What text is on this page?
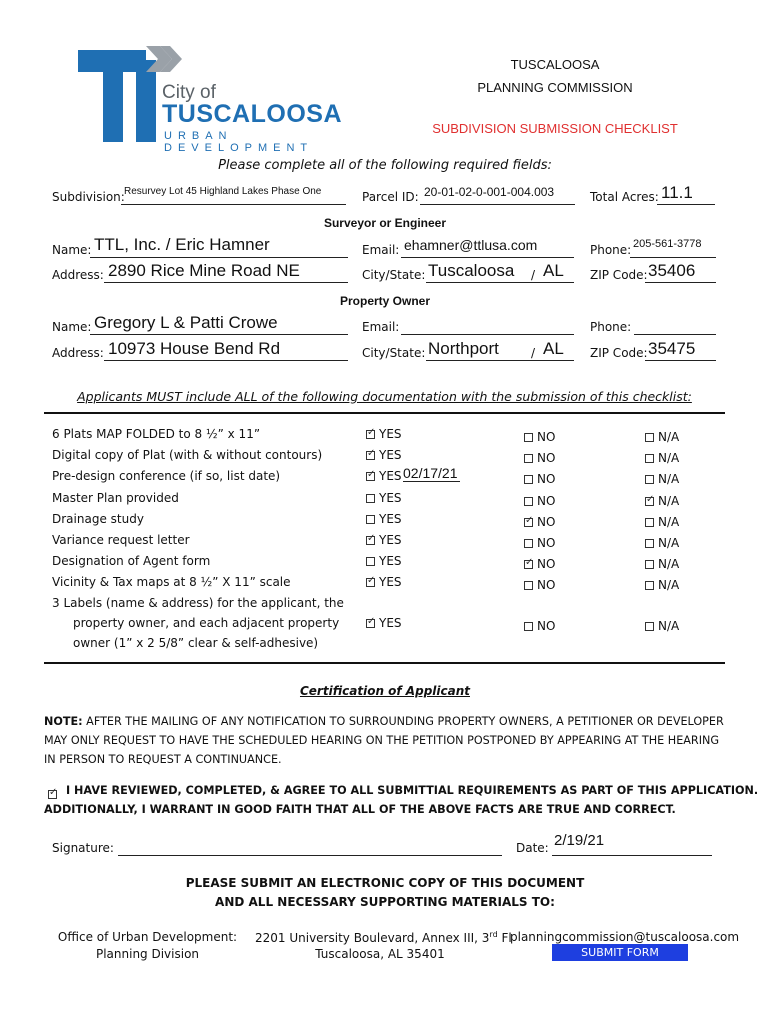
City of
TUSCALOOSA
URBAN DEVELOPMENT
TUSCALOOSA
PLANNING COMMISSION
SUBDIVISION SUBMISSION CHECKLIST
Please complete all of the following required fields:
Subdivision: Resurvey Lot 45 Highland Lakes Phase One	Parcel ID: 20-01-02-0-001-004.003	Total Acres: 11.1
Surveyor or Engineer
Name: TTL, Inc. / Eric Hamner	Email: ehamner@ttlusa.com	Phone: 205-561-3778
Address: 2890 Rice Mine Road NE	City/State: Tuscaloosa / AL ZIP Code: 35406
Property Owner
Name: Gregory L & Patti Crowe	Email:	Phone:
Address: 10973 House Bend Rd	City/State: Northport	/ AL ZIP Code: 35475
Applicants MUST include ALL of the following documentation with the submission of this checklist:
6 Plats MAP FOLDED to 8 ½” x 11” ✓	YES	NO	N/A
Digital copy of Plat (with & without contours) ✓	YES	NO	N/A
Pre-design conference (if so, list date) ✓	YES	NO	N/A
02/17/21
Master Plan provided	YES	NO ✓	N/A
Drainage study	YES ✓	NO	N/A
Variance request letter ✓	YES	NO	N/A
Designation of Agent form	YES ✓	NO	N/A
Vicinity & Tax maps at 8 ½” X 11” scale ✓	YES	NO	N/A
3 Labels (name & address) for the applicant, the
property owner, and each adjacent property
owner (1” x 2 5/8” clear & self-adhesive)
✓YES	NO	N/A
Certification of Applicant
NOTE: AFTER THE MAILING OF ANY NOTIFICATION TO SURROUNDING PROPERTY OWNERS, A PETITIONER OR DEVELOPER
MAY ONLY REQUEST TO HAVE THE SCHEDULED HEARING ON THE PETITION POSTPONED BY APPEARING AT THE HEARING
IN PERSON TO REQUEST A CONTINUANCE.
✓
I HAVE REVIEWED, COMPLETED, & AGREE TO ALL SUBMITTIAL REQUIREMENTS AS PART OF THIS APPLICATION.
ADDITIONALLY, I WARRANT IN GOOD FAITH THAT ALL OF THE ABOVE FACTS ARE TRUE AND CORRECT.
Signature:	Date: 2/19/21
PLEASE SUBMIT AN ELECTRONIC COPY OF THIS DOCUMENT
AND ALL NECESSARY SUPPORTING MATERIALS TO:
Office of Urban Development:
Planning Division
2201 University Boulevard, Annex III, 3rd Fl
Tuscaloosa, AL 35401
planningcommission@tuscaloosa.com
SUBMIT FORM
